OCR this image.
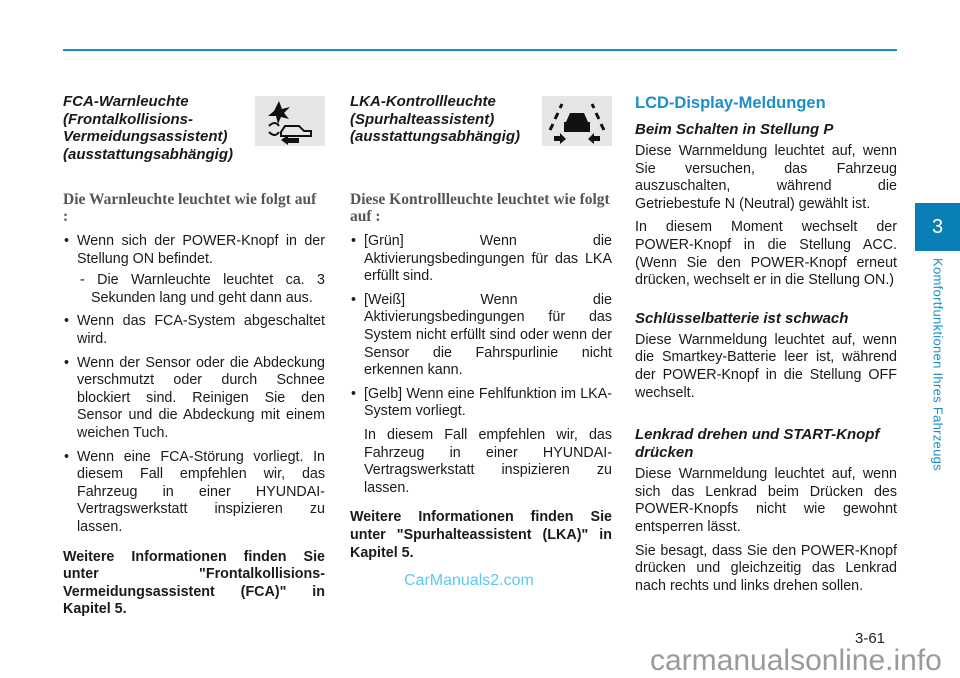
FCA-Warnleuchte (Frontalkollisions-Vermeidungsassistent) (ausstattungsabhängig)
Die Warnleuchte leuchtet wie folgt auf :
• Wenn sich der POWER-Knopf in der Stellung ON befindet.
- Die Warnleuchte leuchtet ca. 3 Sekunden lang und geht dann aus.
• Wenn das FCA-System abgeschaltet wird.
• Wenn der Sensor oder die Abdeckung verschmutzt oder durch Schnee blockiert sind. Reinigen Sie den Sensor und die Abdeckung mit einem weichen Tuch.
• Wenn eine FCA-Störung vorliegt. In diesem Fall empfehlen wir, das Fahrzeug in einer HYUNDAI-Vertragswerkstatt inspizieren zu lassen.

Weitere Informationen finden Sie unter "Frontalkollisions-Vermeidungsassistent (FCA)" in Kapitel 5.

LKA-Kontrollleuchte (Spurhalteassistent) (ausstattungsabhängig)
Diese Kontrollleuchte leuchtet wie folgt auf :
• [Grün] Wenn die Aktivierungsbedingungen für das LKA erfüllt sind.
• [Weiß] Wenn die Aktivierungsbedingungen für das System nicht erfüllt sind oder wenn der Sensor die Fahrspurlinie nicht erkennen kann.
• [Gelb] Wenn eine Fehlfunktion im LKA-System vorliegt.
In diesem Fall empfehlen wir, das Fahrzeug in einer HYUNDAI-Vertragswerkstatt inspizieren zu lassen.

Weitere Informationen finden Sie unter "Spurhalteassistent (LKA)" in Kapitel 5.

LCD-Display-Meldungen
Beim Schalten in Stellung P

Diese Warnmeldung leuchtet auf, wenn Sie versuchen, das Fahrzeug auszuschalten, während die Getriebestufe N (Neutral) gewählt ist.

In diesem Moment wechselt der POWER-Knopf in die Stellung ACC. (Wenn Sie den POWER-Knopf erneut drücken, wechselt er in die Stellung ON.)

Schlüsselbatterie ist schwach

Diese Warnmeldung leuchtet auf, wenn die Smartkey-Batterie leer ist, während der POWER-Knopf in die Stellung OFF wechselt.

Lenkrad drehen und START-Knopf drücken

Diese Warnmeldung leuchtet auf, wenn sich das Lenkrad beim Drücken des POWER-Knopfs nicht wie gewohnt entsperren lässt.

Sie besagt, dass Sie den POWER-Knopf drücken und gleichzeitig das Lenkrad nach rechts und links drehen sollen.

3
Komfortfunktionen Ihres Fahrzeugs
3-61
CarManuals2.com
carmanualsonline.info
